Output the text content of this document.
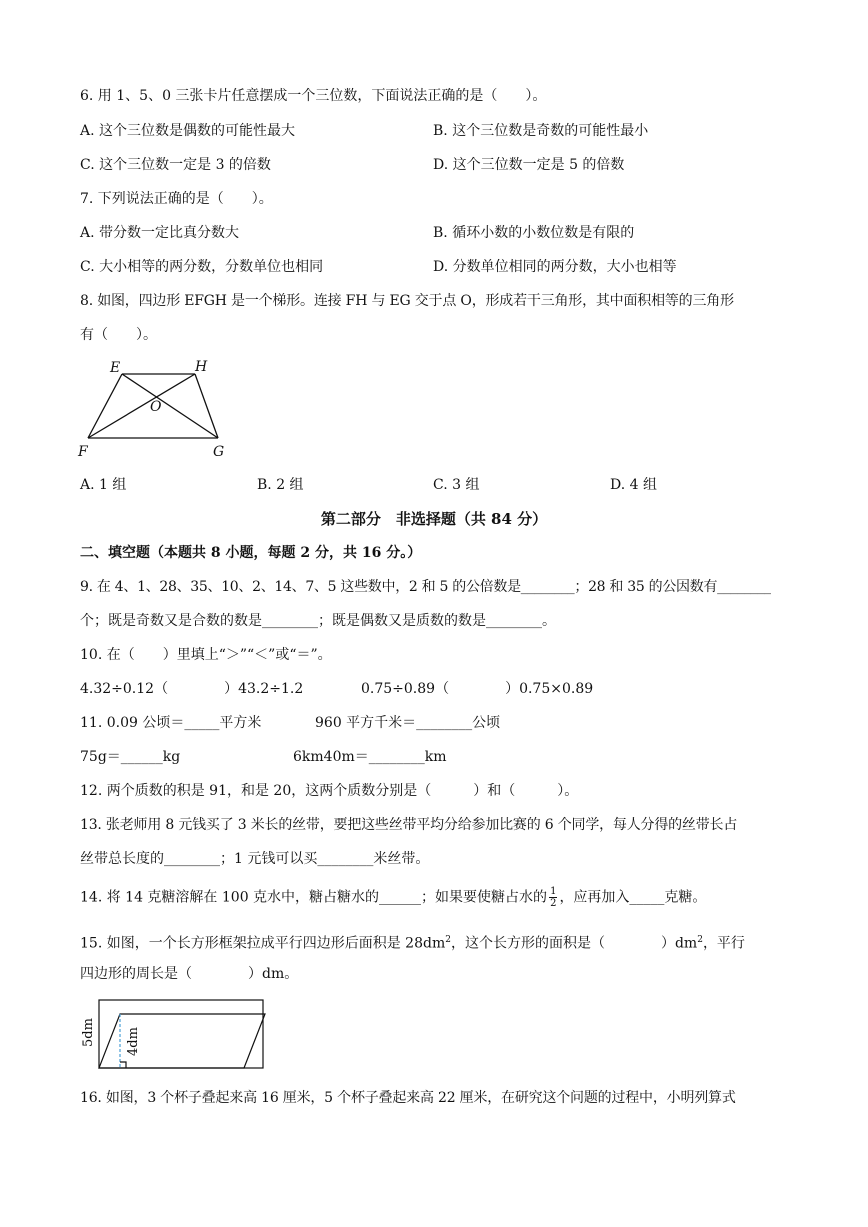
6. 用 1、5、0 三张卡片任意摆成一个三位数，下面说法正确的是（　　）。
A. 这个三位数是偶数的可能性最大	B. 这个三位数是奇数的可能性最小
C. 这个三位数一定是 3 的倍数	D. 这个三位数一定是 5 的倍数
7. 下列说法正确的是（　　）。
A. 带分数一定比真分数大	B. 循环小数的小数位数是有限的
C. 大小相等的两分数，分数单位也相同	D. 分数单位相同的两分数，大小也相等
8. 如图，四边形 EFGH 是一个梯形。连接 FH 与 EG 交于点 O，形成若干三角形，其中面积相等的三角形
有（　　）。
E	H
O
F	G
A. 1 组	B. 2 组	C. 3 组	D. 4 组
第二部分　非选择题（共 84 分）
二、填空题（本题共 8 小题，每题 2 分，共 16 分。）
9. 在 4、1、28、35、10、2、14、7、5 这些数中，2 和 5 的公倍数是________；28 和 35 的公因数有________
个；既是奇数又是合数的数是________；既是偶数又是质数的数是________。
10. 在（　　）里填上“＞”“＜”或“＝”。
4.32÷0.12（　　　　）43.2÷1.2	0.75÷0.89（　　　　）0.75×0.89
11. 0.09 公顷＝_____平方米	960 平方千米＝________公顷
75g＝______kg	6km40m＝________km
12. 两个质数的积是 91，和是 20，这两个质数分别是（　　　）和（　　　）。
13. 张老师用 8 元钱买了 3 米长的丝带，要把这些丝带平均分给参加比赛的 6 个同学，每人分得的丝带长占
丝带总长度的________；1 元钱可以买________米丝带。
14. 将 14 克糖溶解在 100 克水中，糖占糖水的______；如果要使糖占水的 $\frac{1}{2}$ ，应再加入_____克糖。
15. 如图，一个长方形框架拉成平行四边形后面积是 $28dm^2$，这个长方形的面积是（　　　　）$dm^2$，平行
四边形的周长是（　　　　）dm。
5dm 4dm
16. 如图，3 个杯子叠起来高 16 厘米，5 个杯子叠起来高 22 厘米，在研究这个问题的过程中，小明列算式
